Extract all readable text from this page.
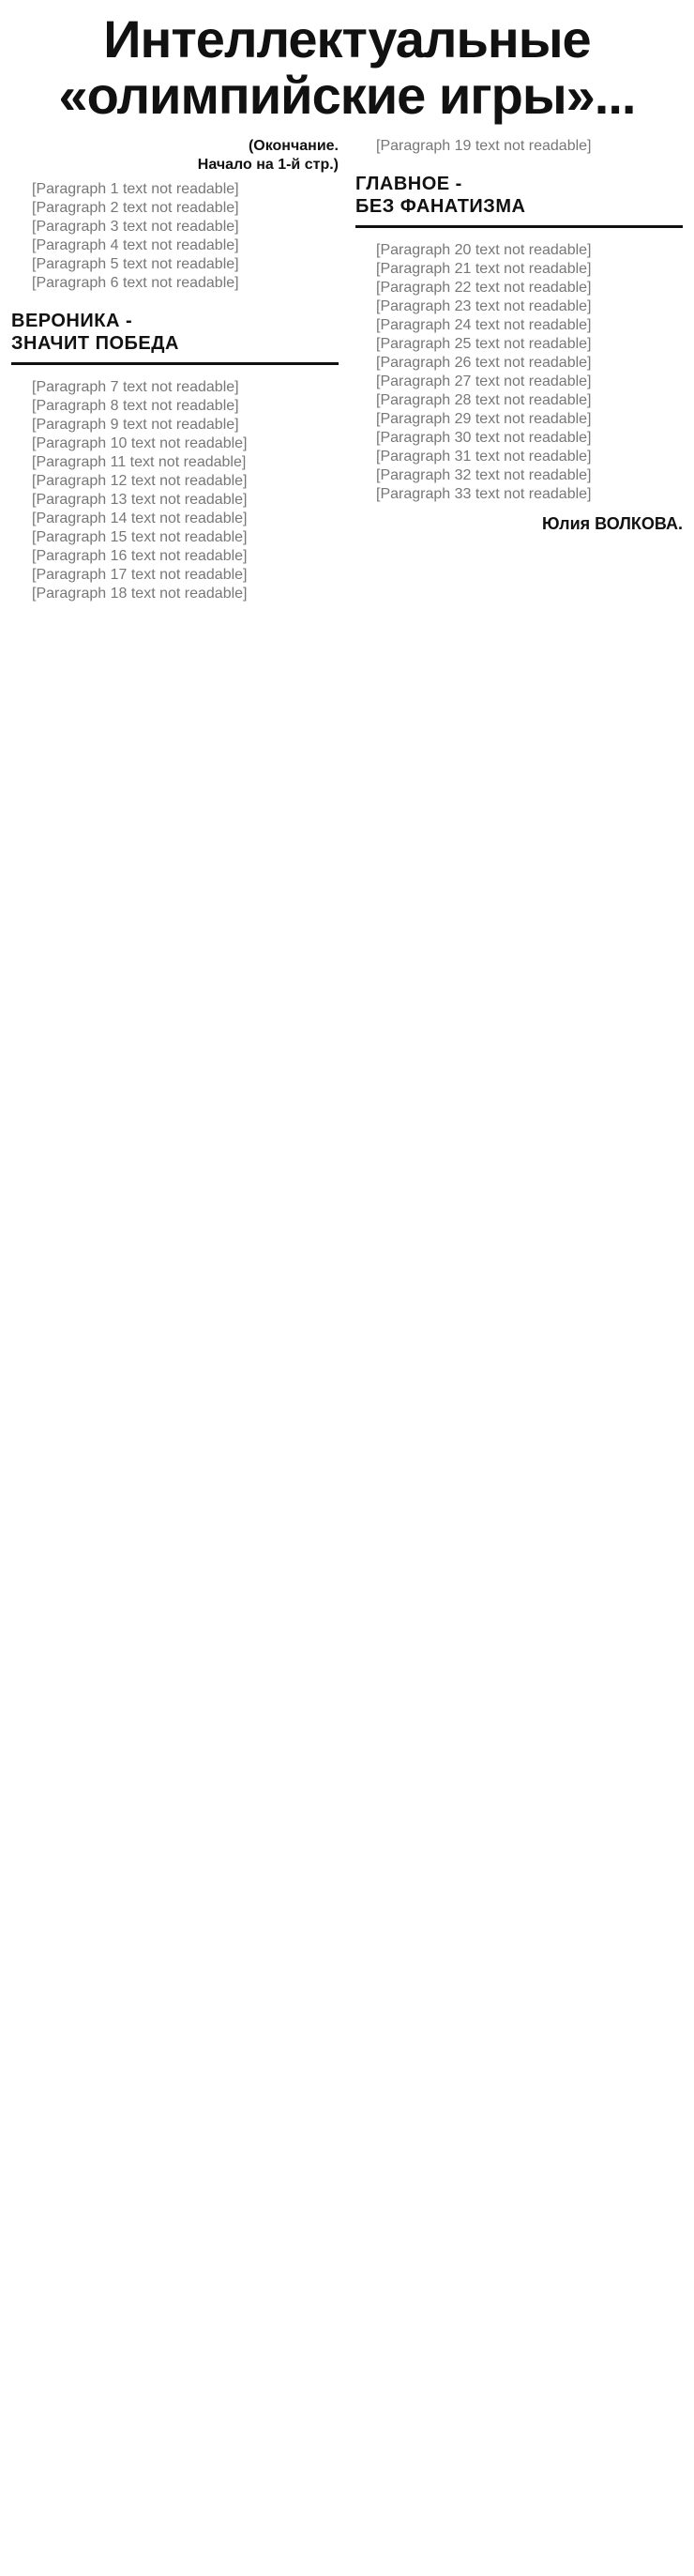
Интеллектуальные
«олимпийские игры»...
(Окончание.
Начало на 1-й стр.)

[Paragraph 1 text not readable]

[Paragraph 2 text not readable]

[Paragraph 3 text not readable]

[Paragraph 4 text not readable]

[Paragraph 5 text not readable]

[Paragraph 6 text not readable]

ВЕРОНИКА -
ЗНАЧИТ ПОБЕДА

[Paragraph 7 text not readable]

[Paragraph 8 text not readable]

[Paragraph 9 text not readable]

[Paragraph 10 text not readable]

[Paragraph 11 text not readable]

[Paragraph 12 text not readable]

[Paragraph 13 text not readable]

[Paragraph 14 text not readable]

[Paragraph 15 text not readable]

[Paragraph 16 text not readable]

[Paragraph 17 text not readable]

[Paragraph 18 text not readable]

[Paragraph 19 text not readable]

ГЛАВНОЕ -
БЕЗ ФАНАТИЗМА

[Paragraph 20 text not readable]

[Paragraph 21 text not readable]

[Paragraph 22 text not readable]

[Paragraph 23 text not readable]

[Paragraph 24 text not readable]

[Paragraph 25 text not readable]

[Paragraph 26 text not readable]

[Paragraph 27 text not readable]

[Paragraph 28 text not readable]

[Paragraph 29 text not readable]

[Paragraph 30 text not readable]

[Paragraph 31 text not readable]

[Paragraph 32 text not readable]

[Paragraph 33 text not readable]

Юлия ВОЛКОВА.
